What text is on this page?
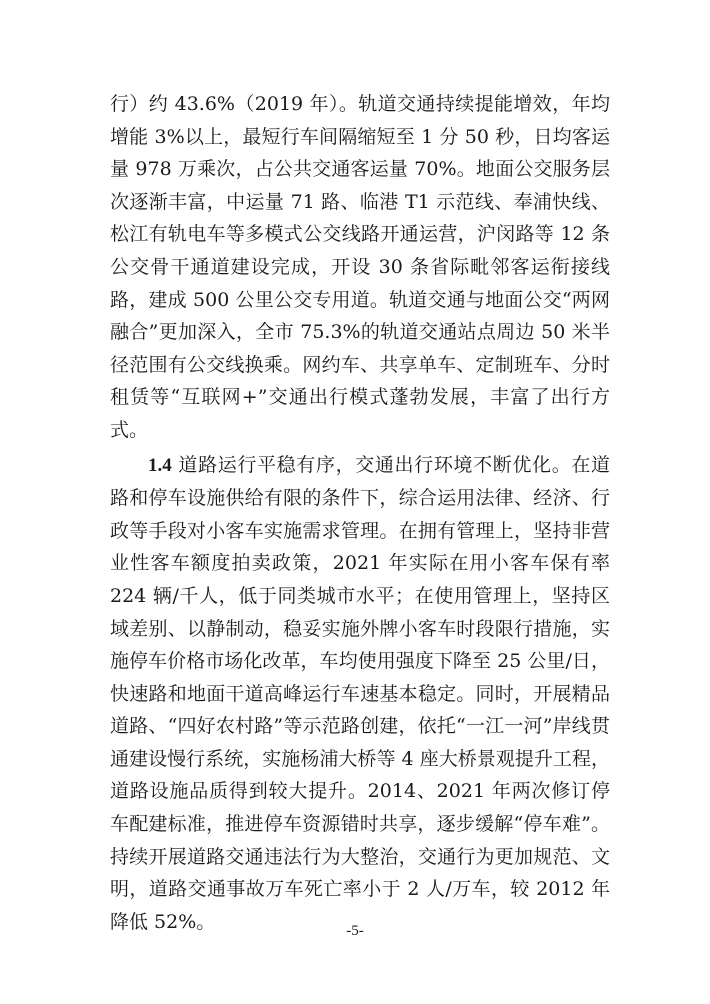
行）约 43.6%（2019 年）。轨道交通持续提能增效，年均增能 3%以上，最短行车间隔缩短至 1 分 50 秒，日均客运量 978 万乘次，占公共交通客运量 70%。地面公交服务层次逐渐丰富，中运量 71 路、临港 T1 示范线、奉浦快线、松江有轨电车等多模式公交线路开通运营，沪闵路等 12 条公交骨干通道建设完成，开设 30 条省际毗邻客运衔接线路，建成 500 公里公交专用道。轨道交通与地面公交“两网融合”更加深入，全市 75.3%的轨道交通站点周边 50 米半径范围有公交线换乘。网约车、共享单车、定制班车、分时租赁等“互联网+”交通出行模式蓬勃发展，丰富了出行方式。

1.4 道路运行平稳有序，交通出行环境不断优化。在道路和停车设施供给有限的条件下，综合运用法律、经济、行政等手段对小客车实施需求管理。在拥有管理上，坚持非营业性客车额度拍卖政策，2021 年实际在用小客车保有率 224 辆/千人，低于同类城市水平；在使用管理上，坚持区域差别、以静制动，稳妥实施外牌小客车时段限行措施，实施停车价格市场化改革，车均使用强度下降至 25 公里/日，快速路和地面干道高峰运行车速基本稳定。同时，开展精品道路、“四好农村路”等示范路创建，依托“一江一河”岸线贯通建设慢行系统，实施杨浦大桥等 4 座大桥景观提升工程，道路设施品质得到较大提升。2014、2021 年两次修订停车配建标准，推进停车资源错时共享，逐步缓解“停车难”。持续开展道路交通违法行为大整治，交通行为更加规范、文明，道路交通事故万车死亡率小于 2 人/万车，较 2012 年降低 52%。	-5-
